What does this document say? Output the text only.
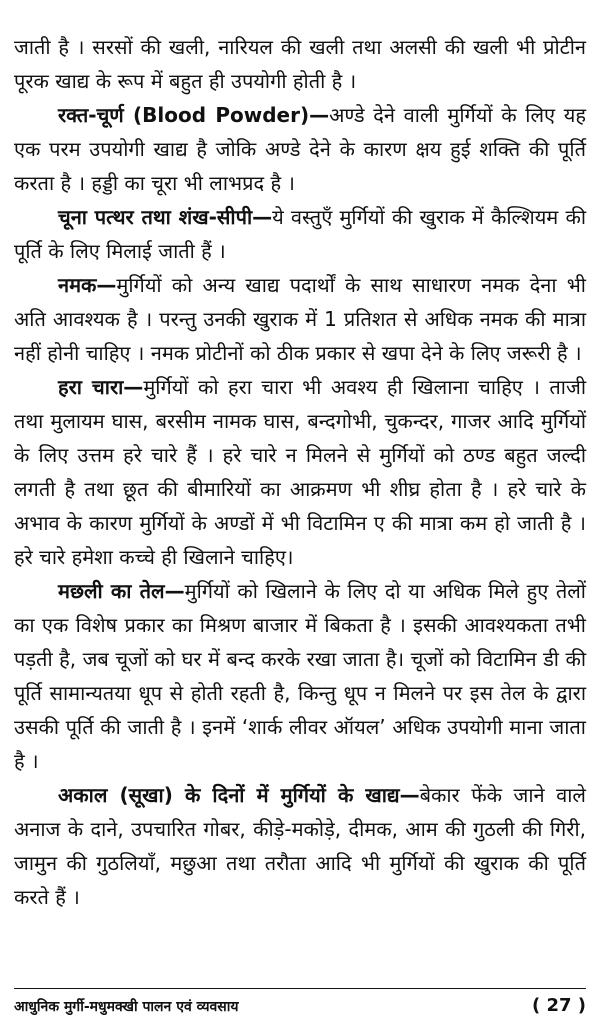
जाती है । सरसों की खली, नारियल की खली तथा अलसी की खली भी प्रोटीन पूरक खाद्य के रूप में बहुत ही उपयोगी होती है ।

रक्त-चूर्ण (Blood Powder)—अण्डे देने वाली मुर्गियों के लिए यह एक परम उपयोगी खाद्य है जोकि अण्डे देने के कारण क्षय हुई शक्ति की पूर्ति करता है । हड्डी का चूरा भी लाभप्रद है ।

चूना पत्थर तथा शंख-सीपी—ये वस्तुएँ मुर्गियों की खुराक में कैल्शियम की पूर्ति के लिए मिलाई जाती हैं ।

नमक—मुर्गियों को अन्य खाद्य पदार्थों के साथ साधारण नमक देना भी अति आवश्यक है । परन्तु उनकी खुराक में 1 प्रतिशत से अधिक नमक की मात्रा नहीं होनी चाहिए । नमक प्रोटीनों को ठीक प्रकार से खपा देने के लिए जरूरी है ।

हरा चारा—मुर्गियों को हरा चारा भी अवश्य ही खिलाना चाहिए । ताजी तथा मुलायम घास, बरसीम नामक घास, बन्दगोभी, चुकन्दर, गाजर आदि मुर्गियों के लिए उत्तम हरे चारे हैं । हरे चारे न मिलने से मुर्गियों को ठण्ड बहुत जल्दी लगती है तथा छूत की बीमारियों का आक्रमण भी शीघ्र होता है । हरे चारे के अभाव के कारण मुर्गियों के अण्डों में भी विटामिन ए की मात्रा कम हो जाती है । हरे चारे हमेशा कच्चे ही खिलाने चाहिए।

मछली का तेल—मुर्गियों को खिलाने के लिए दो या अधिक मिले हुए तेलों का एक विशेष प्रकार का मिश्रण बाजार में बिकता है । इसकी आवश्यकता तभी पड़ती है, जब चूजों को घर में बन्द करके रखा जाता है। चूजों को विटामिन डी की पूर्ति सामान्यतया धूप से होती रहती है, किन्तु धूप न मिलने पर इस तेल के द्वारा उसकी पूर्ति की जाती है । इनमें ‘शार्क लीवर ऑयल’ अधिक उपयोगी माना जाता है ।

अकाल (सूखा) के दिनों में मुर्गियों के खाद्य—बेकार फेंके जाने वाले अनाज के दाने, उपचारित गोबर, कीड़े-मकोड़े, दीमक, आम की गुठली की गिरी, जामुन की गुठलियाँ, मछुआ तथा तरौता आदि भी मुर्गियों की खुराक की पूर्ति करते हैं ।

आधुनिक मुर्गी-मधुमक्खी पालन एवं व्यवसाय	( 27 )
